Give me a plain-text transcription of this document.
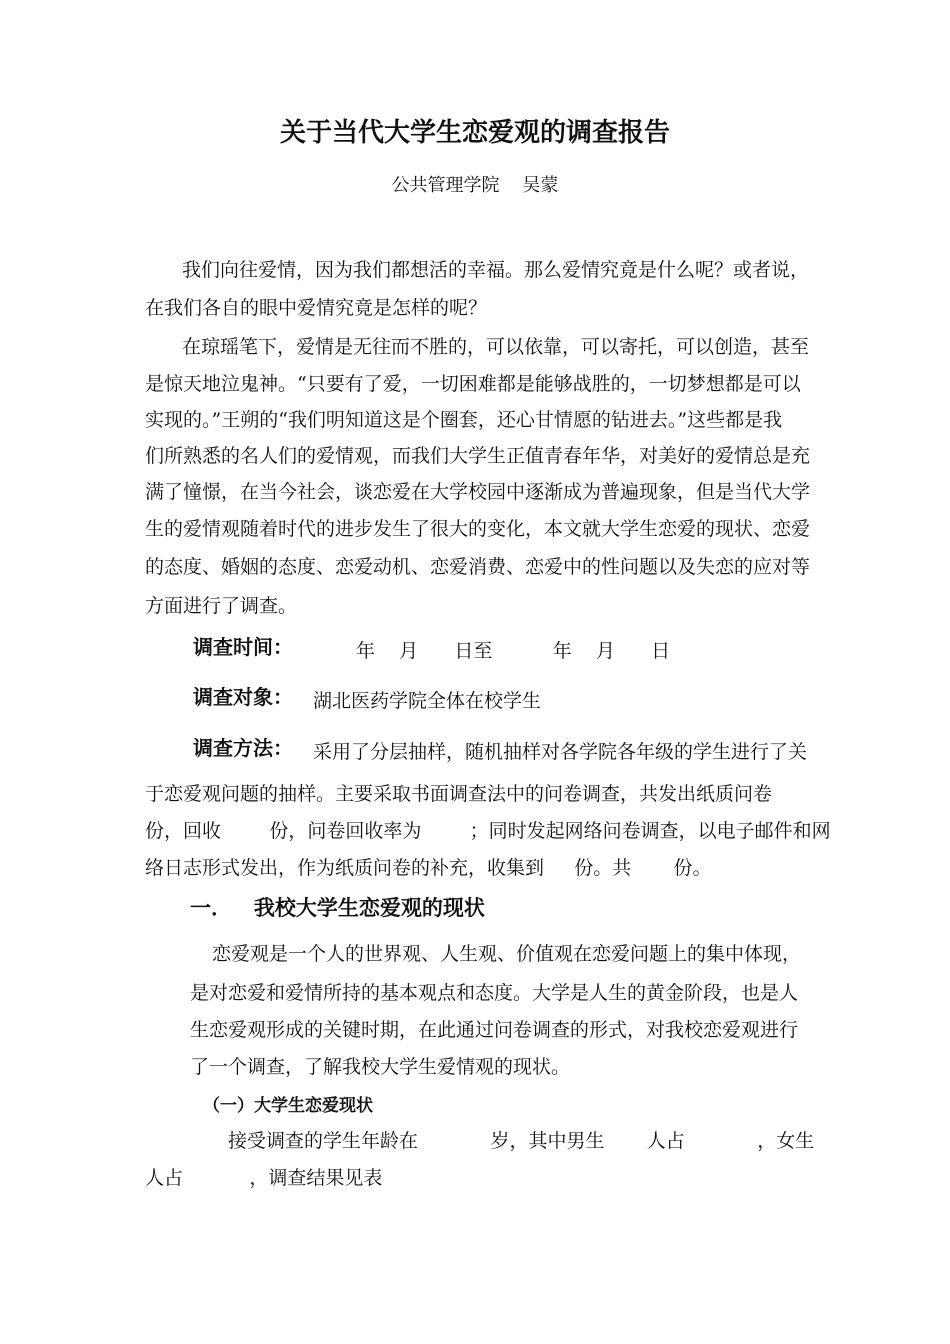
关于当代大学生恋爱观的调查报告
公共管理学院    吴蒙
我们向往爱情，因为我们都想活的幸福。那么爱情究竟是什么呢？或者说，
在我们各自的眼中爱情究竟是怎样的呢？
在琼瑶笔下，爱情是无往而不胜的，可以依靠，可以寄托，可以创造，甚至
是惊天地泣鬼神。“只要有了爱，一切困难都是能够战胜的，一切梦想都是可以
实现的。”王朔的“我们明知道这是个圈套，还心甘情愿的钻进去。”这些都是我
们所熟悉的名人们的爱情观，而我们大学生正值青春年华，对美好的爱情总是充
满了憧憬，在当今社会，谈恋爱在大学校园中逐渐成为普遍现象，但是当代大学
生的爱情观随着时代的进步发生了很大的变化，本文就大学生恋爱的现状、恋爱
的态度、婚姻的态度、恋爱动机、恋爱消费、恋爱中的性问题以及失恋的应对等
方面进行了调查。
调查时间：	年    月      日至          年    月      日
调查对象： 湖北医药学院全体在校学生
调查方法： 采用了分层抽样，随机抽样对各学院各年级的学生进行了关
于恋爱观问题的抽样。主要采取书面调查法中的问卷调查，共发出纸质问卷
份，回收        份，问卷回收率为        ；同时发起网络问卷调查，以电子邮件和网
络日志形式发出，作为纸质问卷的补充，收集到     份。共       份。
一．   我校大学生恋爱观的现状
恋爱观是一个人的世界观、人生观、价值观在恋爱问题上的集中体现，
是对恋爱和爱情所持的基本观点和态度。大学是人生的黄金阶段，也是人
生恋爱观形成的关键时期，在此通过问卷调查的形式，对我校恋爱观进行
了一个调查，了解我校大学生爱情观的现状。
（一）大学生恋爱现状
接受调查的学生年龄在            岁，其中男生       人占            ，女生
人占           ，调查结果见表
